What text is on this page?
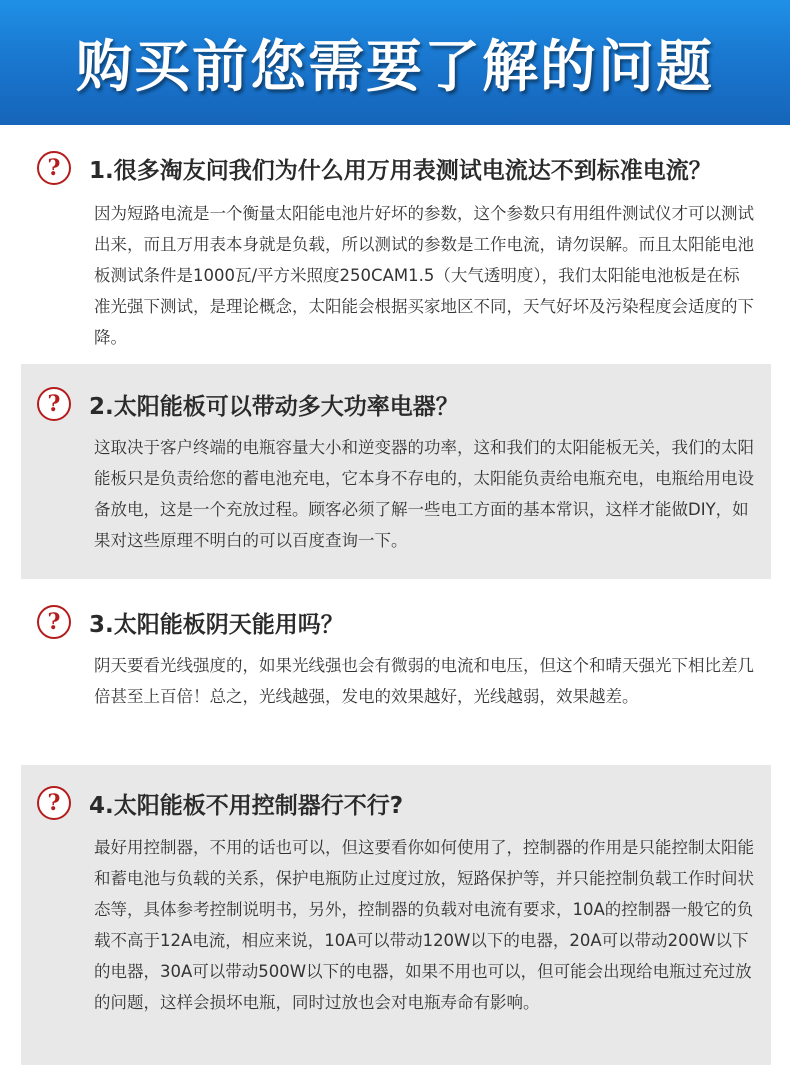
购买前您需要了解的问题
?	1.很多淘友问我们为什么用万用表测试电流达不到标准电流？
因为短路电流是一个衡量太阳能电池片好坏的参数，这个参数只有用组件测试仪才可以测试出来，而且万用表本身就是负载，所以测试的参数是工作电流，请勿误解。而且太阳能电池板测试条件是1000瓦/平方米照度250CAM1.5（大气透明度），我们太阳能电池板是在标准光强下测试，是理论概念，太阳能会根据买家地区不同，天气好坏及污染程度会适度的下降。
?	2.太阳能板可以带动多大功率电器？
这取决于客户终端的电瓶容量大小和逆变器的功率，这和我们的太阳能板无关，我们的太阳能板只是负责给您的蓄电池充电，它本身不存电的，太阳能负责给电瓶充电，电瓶给用电设备放电，这是一个充放过程。顾客必须了解一些电工方面的基本常识，这样才能做DIY，如果对这些原理不明白的可以百度查询一下。
?	3.太阳能板阴天能用吗？
阴天要看光线强度的，如果光线强也会有微弱的电流和电压，但这个和晴天强光下相比差几倍甚至上百倍！总之，光线越强，发电的效果越好，光线越弱，效果越差。
?	4.太阳能板不用控制器行不行?
最好用控制器，不用的话也可以，但这要看你如何使用了，控制器的作用是只能控制太阳能和蓄电池与负载的关系，保护电瓶防止过度过放，短路保护等，并只能控制负载工作时间状态等，具体参考控制说明书，另外，控制器的负载对电流有要求，10A的控制器一般它的负载不高于12A电流，相应来说，10A可以带动120W以下的电器，20A可以带动200W以下的电器，30A可以带动500W以下的电器，如果不用也可以，但可能会出现给电瓶过充过放的问题，这样会损坏电瓶，同时过放也会对电瓶寿命有影响。
